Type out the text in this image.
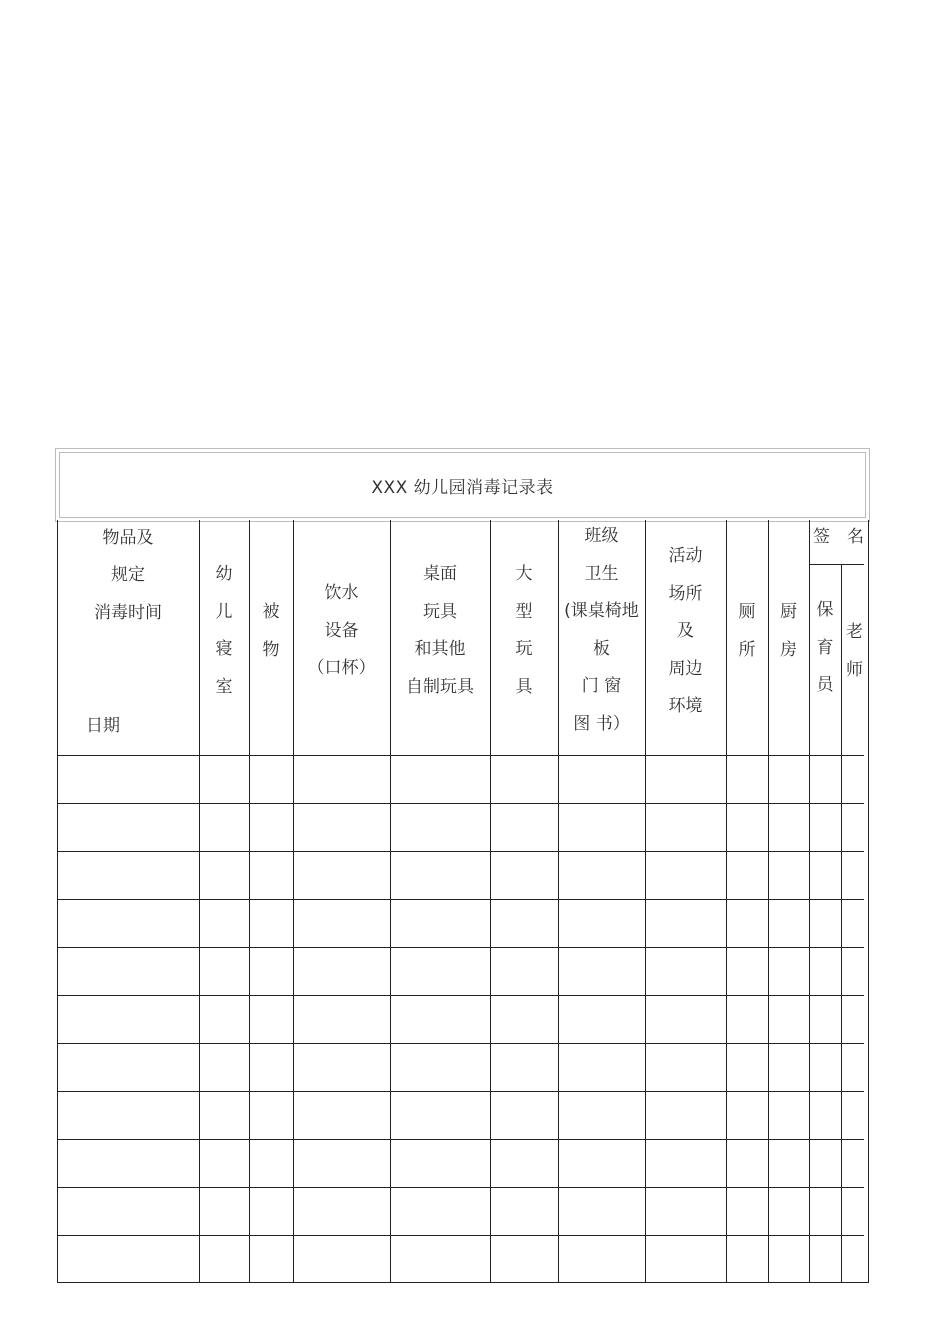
XXX 幼儿园消毒记录表
物品及
规定
消毒时间
日期
幼
儿
寝
室
被
物
饮水
设备
（口杯）
桌面
玩具
和其他
自制玩具
大
型
玩
具
班级
卫生
(课桌椅地
板
门 窗
图 书）
活动
场所
及
周边
环境
厕
所
厨
房
签　名
保
育
员
老
师
